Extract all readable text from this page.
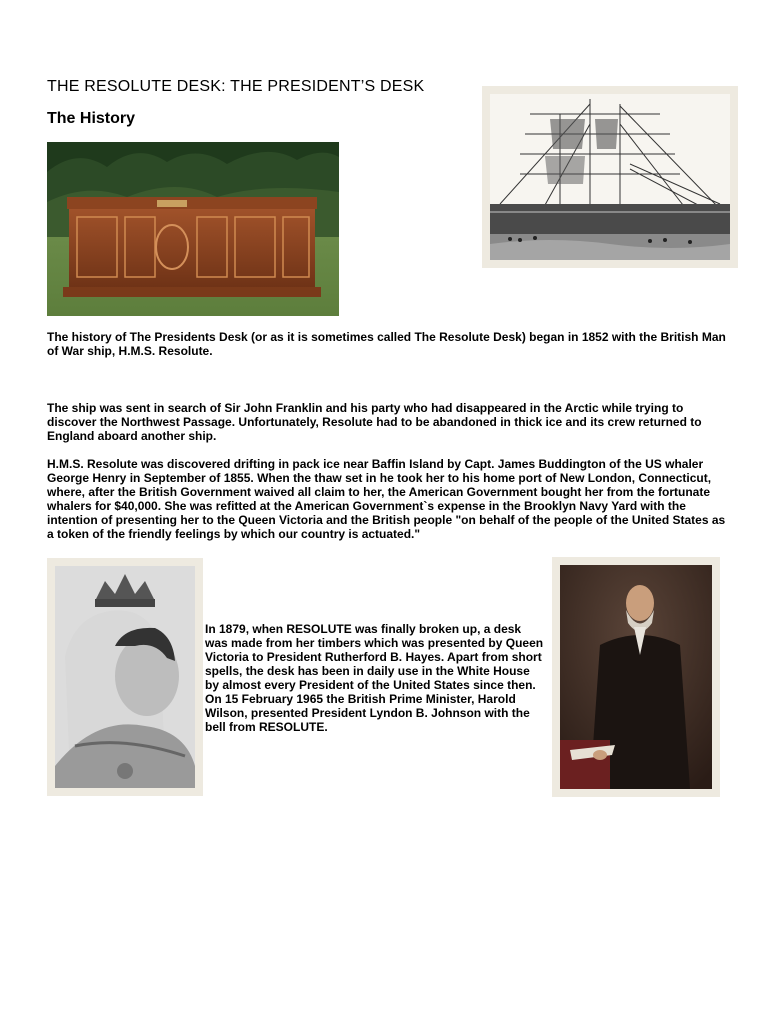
THE RESOLUTE DESK: THE PRESIDENT’S DESK
The History

The history of The Presidents Desk (or as it is sometimes called The Resolute Desk) began in 1852 with the British Man of War ship, H.M.S. Resolute.

The ship was sent in search of Sir John Franklin and his party who had disappeared in the Arctic while trying to discover the Northwest Passage. Unfortunately, Resolute had to be abandoned in thick ice and its crew returned to England aboard another ship.

H.M.S. Resolute was discovered drifting in pack ice near Baffin Island by Capt. James Buddington of the US whaler George Henry in September of 1855. When the thaw set in he took her to his home port of New London, Connecticut, where, after the British Government waived all claim to her, the American Government bought her from the fortunate whalers for $40,000. She was refitted at the American Government`s expense in the Brooklyn Navy Yard with the intention of presenting her to the Queen Victoria and the British people "on behalf of the people of the United States as a token of the friendly feelings by which our country is actuated."

In 1879, when RESOLUTE was finally broken up, a desk was made from her timbers which was presented by Queen Victoria to President Rutherford B. Hayes. Apart from short spells, the desk has been in daily use in the White House by almost every President of the United States since then. On 15 February 1965 the British Prime Minister, Harold Wilson, presented President Lyndon B. Johnson with the bell from RESOLUTE.
